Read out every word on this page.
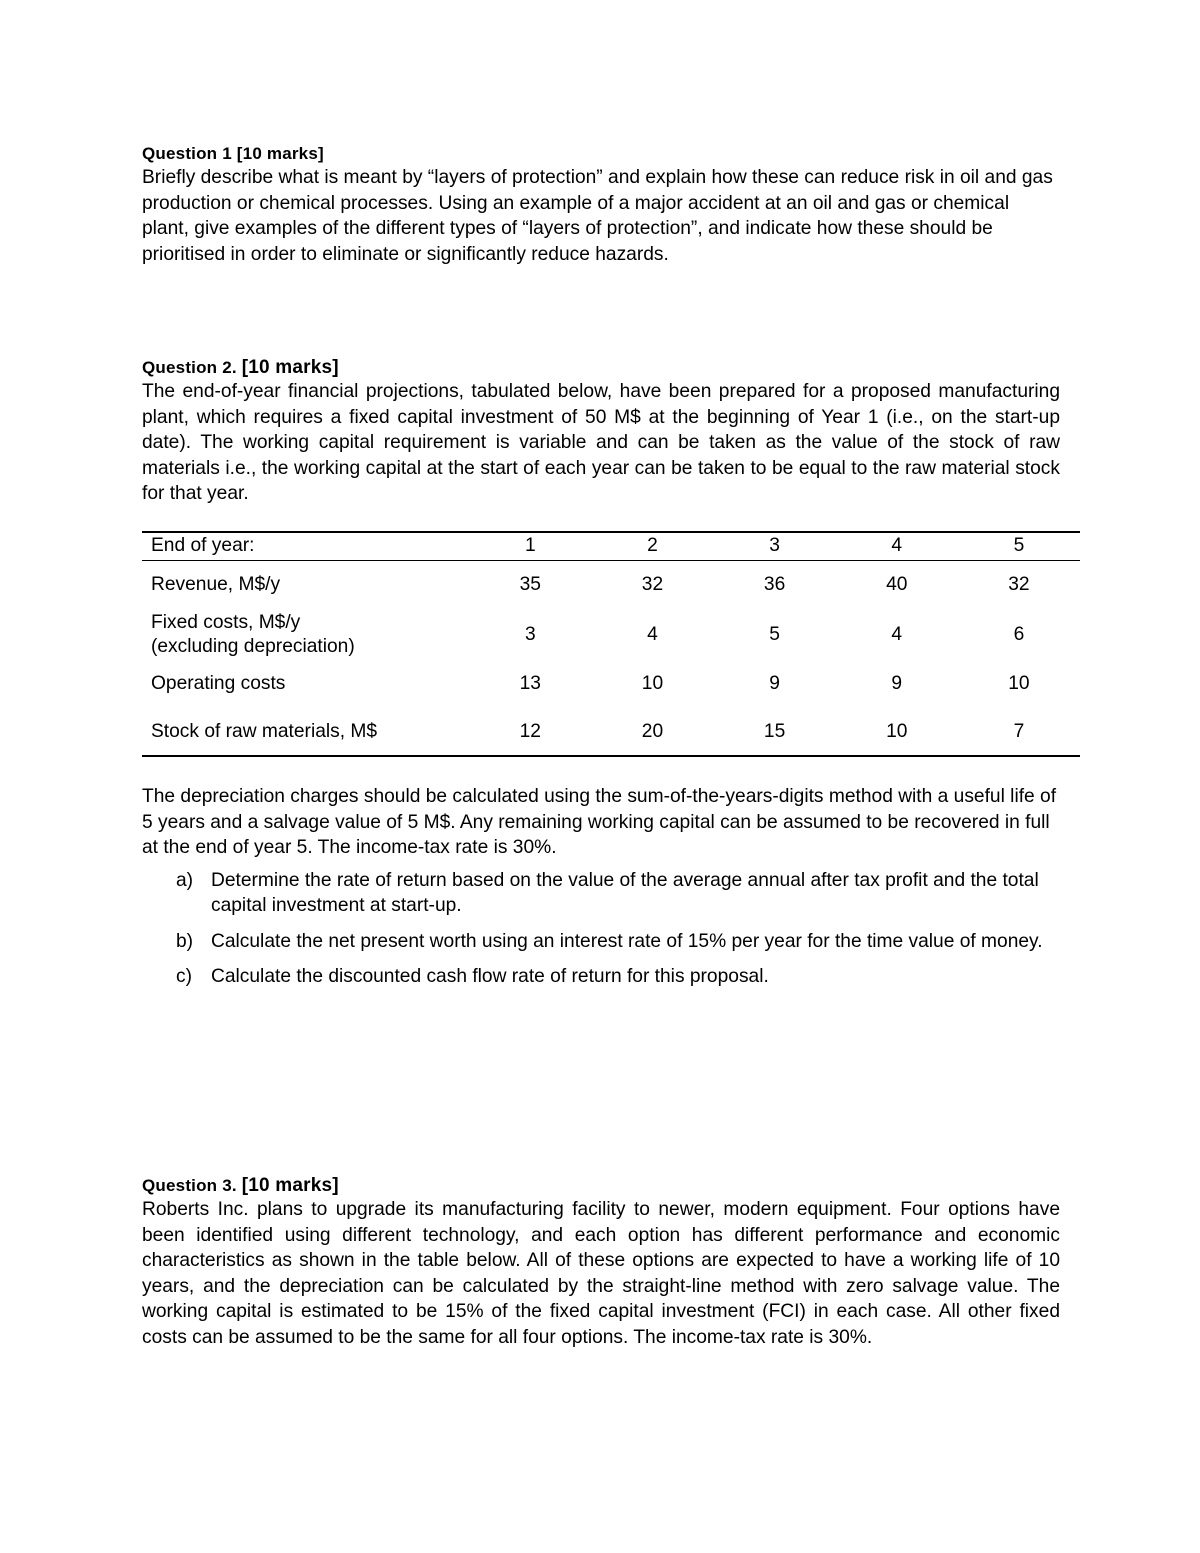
Question 1 [10 marks]
Briefly describe what is meant by “layers of protection” and explain how these can reduce risk in oil and gas production or chemical processes. Using an example of a major accident at an oil and gas or chemical plant, give examples of the different types of “layers of protection”, and indicate how these should be prioritised in order to eliminate or significantly reduce hazards.
Question 2. [10 marks]
The end-of-year financial projections, tabulated below, have been prepared for a proposed manufacturing plant, which requires a fixed capital investment of 50 M$ at the beginning of Year 1 (i.e., on the start-up date). The working capital requirement is variable and can be taken as the value of the stock of raw materials i.e., the working capital at the start of each year can be taken to be equal to the raw material stock for that year.
End of year:	1	2	3	4	5
Revenue, M$/y	35	32	36	40	32

Fixed costs, M$/y
(excluding depreciation)	3	4	5	4	6
Operating costs	13	10	9	9	10
Stock of raw materials, M$	12	20	15	10	7
The depreciation charges should be calculated using the sum-of-the-years-digits method with a useful life of 5 years and a salvage value of 5 M$. Any remaining working capital can be assumed to be recovered in full at the end of year 5. The income-tax rate is 30%.
a) Determine the rate of return based on the value of the average annual after tax profit and the total capital investment at start-up.
b) Calculate the net present worth using an interest rate of 15% per year for the time value of money.
c) Calculate the discounted cash flow rate of return for this proposal.
Question 3. [10 marks]
Roberts Inc. plans to upgrade its manufacturing facility to newer, modern equipment. Four options have been identified using different technology, and each option has different performance and economic characteristics as shown in the table below. All of these options are expected to have a working life of 10 years, and the depreciation can be calculated by the straight-line method with zero salvage value. The working capital is estimated to be 15% of the fixed capital investment (FCI) in each case. All other fixed costs can be assumed to be the same for all four options. The income-tax rate is 30%.
